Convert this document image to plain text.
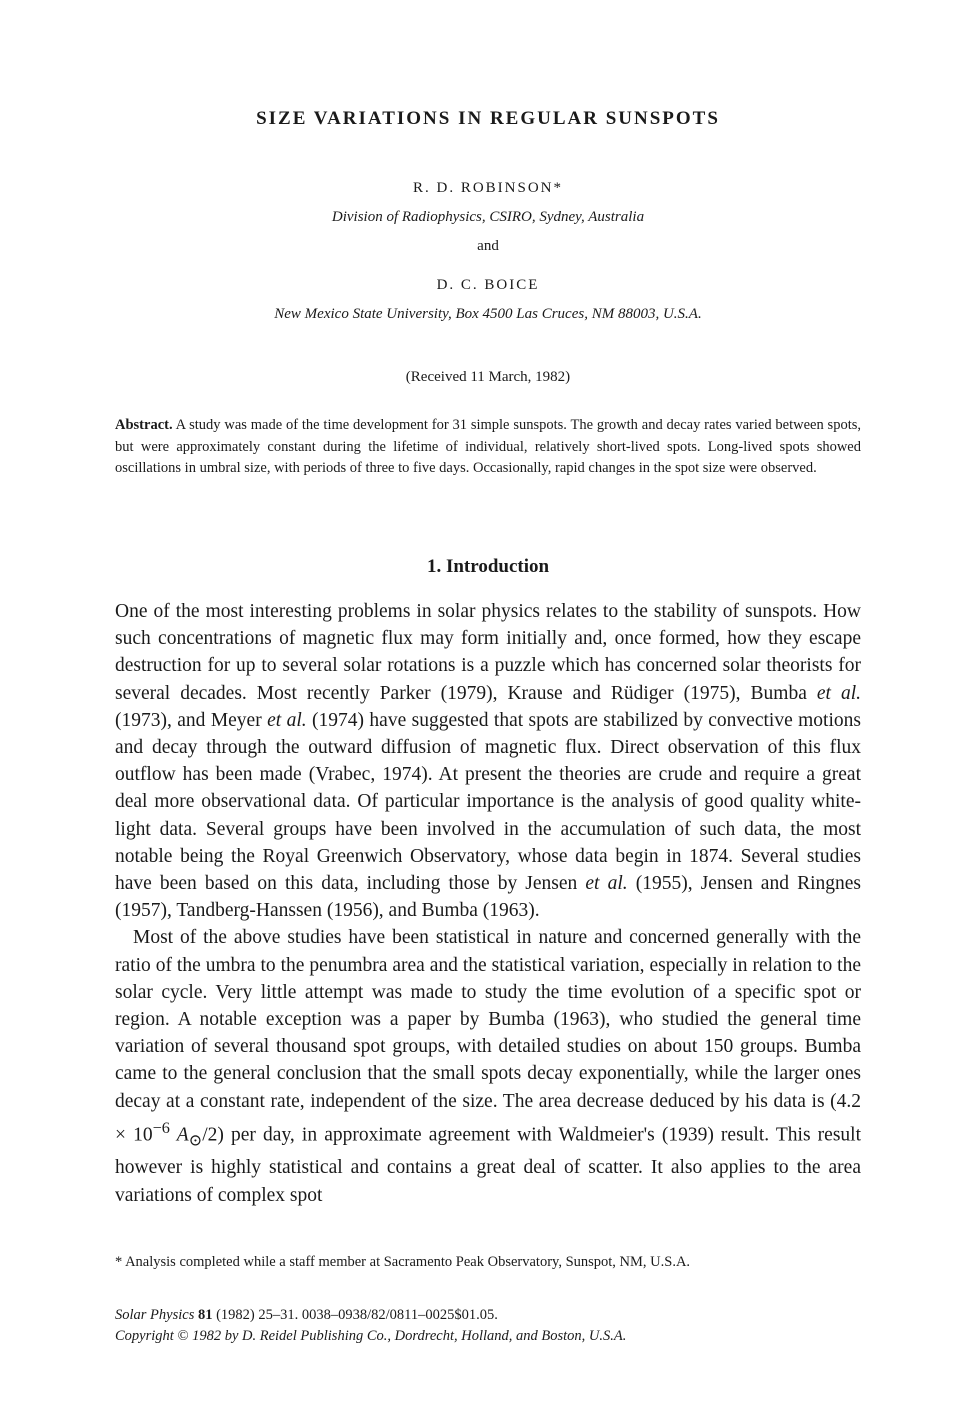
SIZE VARIATIONS IN REGULAR SUNSPOTS
R. D. ROBINSON*
Division of Radiophysics, CSIRO, Sydney, Australia
and
D. C. BOICE
New Mexico State University, Box 4500 Las Cruces, NM 88003, U.S.A.
(Received 11 March, 1982)

Abstract. A study was made of the time development for 31 simple sunspots. The growth and decay rates varied between spots, but were approximately constant during the lifetime of individual, relatively short-lived spots. Long-lived spots showed oscillations in umbral size, with periods of three to five days. Occasionally, rapid changes in the spot size were observed.

1. Introduction

One of the most interesting problems in solar physics relates to the stability of sunspots. How such concentrations of magnetic flux may form initially and, once formed, how they escape destruction for up to several solar rotations is a puzzle which has concerned solar theorists for several decades. Most recently Parker (1979), Krause and Rüdiger (1975), Bumba et al. (1973), and Meyer et al. (1974) have suggested that spots are stabilized by convective motions and decay through the outward diffusion of magnetic flux. Direct observation of this flux outflow has been made (Vrabec, 1974). At present the theories are crude and require a great deal more observational data. Of particular importance is the analysis of good quality white-light data. Several groups have been involved in the accumulation of such data, the most notable being the Royal Greenwich Observatory, whose data begin in 1874. Several studies have been based on this data, including those by Jensen et al. (1955), Jensen and Ringnes (1957), Tandberg-Hanssen (1956), and Bumba (1963).

Most of the above studies have been statistical in nature and concerned generally with the ratio of the umbra to the penumbra area and the statistical variation, especially in relation to the solar cycle. Very little attempt was made to study the time evolution of a specific spot or region. A notable exception was a paper by Bumba (1963), who studied the general time variation of several thousand spot groups, with detailed studies on about 150 groups. Bumba came to the general conclusion that the small spots decay exponentially, while the larger ones decay at a constant rate, independent of the size. The area decrease deduced by his data is ($4.2 \times 10^{-6}$ $A_⊙/2$) per day, in approximate agreement with Waldmeier's (1939) result. This result however is highly statistical and contains a great deal of scatter. It also applies to the area variations of complex spot

* Analysis completed while a staff member at Sacramento Peak Observatory, Sunspot, NM, U.S.A.
Solar Physics 81 (1982) 25–31. 0038–0938/82/0811–0025$01.05.
Copyright © 1982 by D. Reidel Publishing Co., Dordrecht, Holland, and Boston, U.S.A.
